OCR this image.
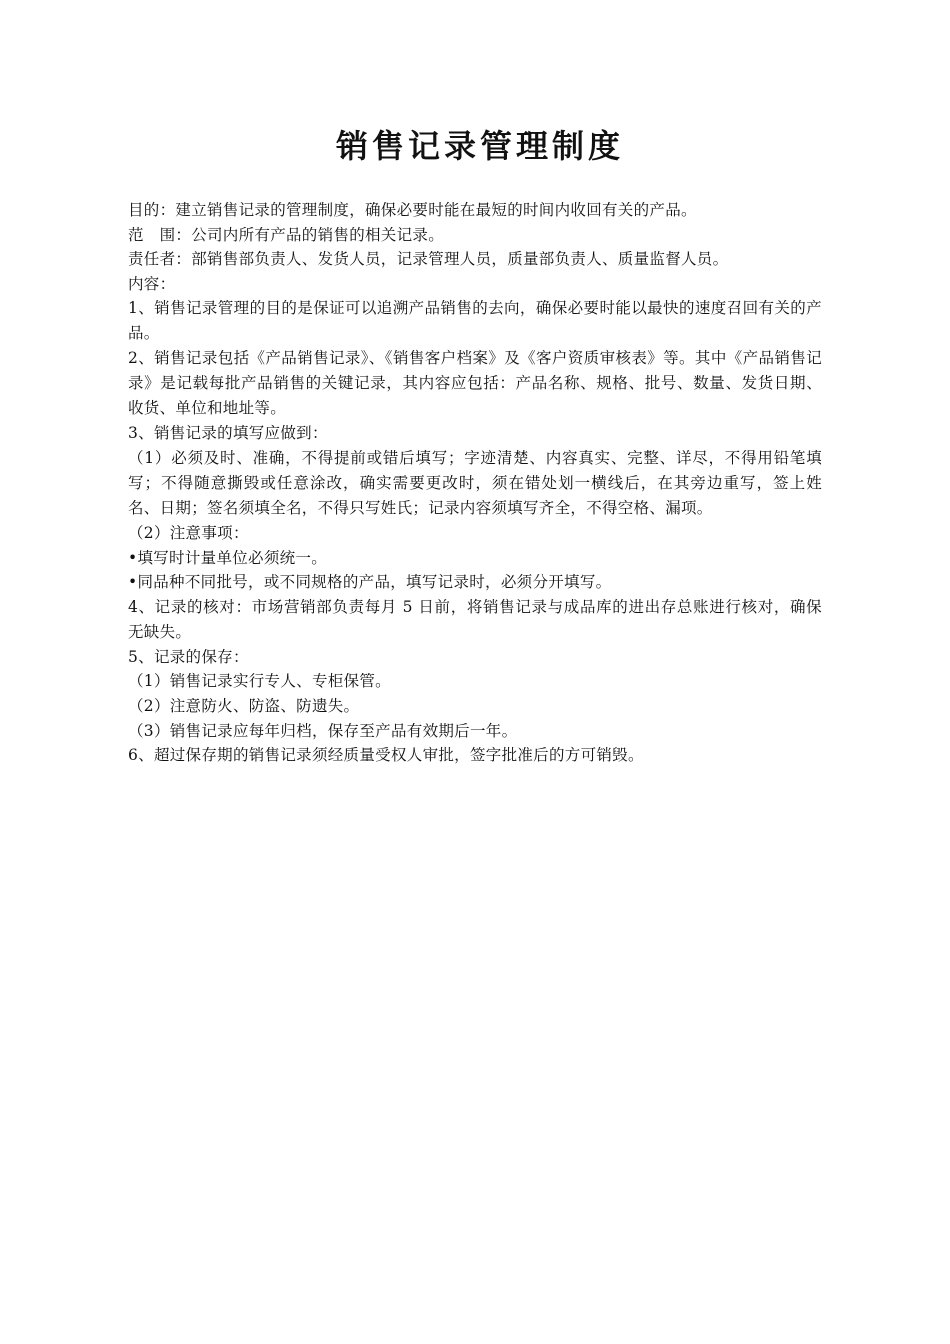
销售记录管理制度
目的：建立销售记录的管理制度，确保必要时能在最短的时间内收回有关的产品。
范　围：公司内所有产品的销售的相关记录。
责任者：部销售部负责人、发货人员，记录管理人员，质量部负责人、质量监督人员。
内容：

1、销售记录管理的目的是保证可以追溯产品销售的去向，确保必要时能以最快的速度召回有关的产品。

2、销售记录包括《产品销售记录》、《销售客户档案》及《客户资质审核表》等。其中《产品销售记录》是记载每批产品销售的关键记录，其内容应包括：产品名称、规格、批号、数量、发货日期、收货、单位和地址等。

3、销售记录的填写应做到：

（1）必须及时、准确，不得提前或错后填写；字迹清楚、内容真实、完整、详尽，不得用铅笔填写；不得随意撕毁或任意涂改，确实需要更改时，须在错处划一横线后，在其旁边重写，签上姓名、日期；签名须填全名，不得只写姓氏；记录内容须填写齐全，不得空格、漏项。

（2）注意事项：
•填写时计量单位必须统一。
•同品种不同批号，或不同规格的产品，填写记录时，必须分开填写。

4、记录的核对：市场营销部负责每月 5 日前，将销售记录与成品库的进出存总账进行核对，确保无缺失。

5、记录的保存：
（1）销售记录实行专人、专柜保管。
（2）注意防火、防盗、防遗失。
（3）销售记录应每年归档，保存至产品有效期后一年。
6、超过保存期的销售记录须经质量受权人审批，签字批准后的方可销毁。
